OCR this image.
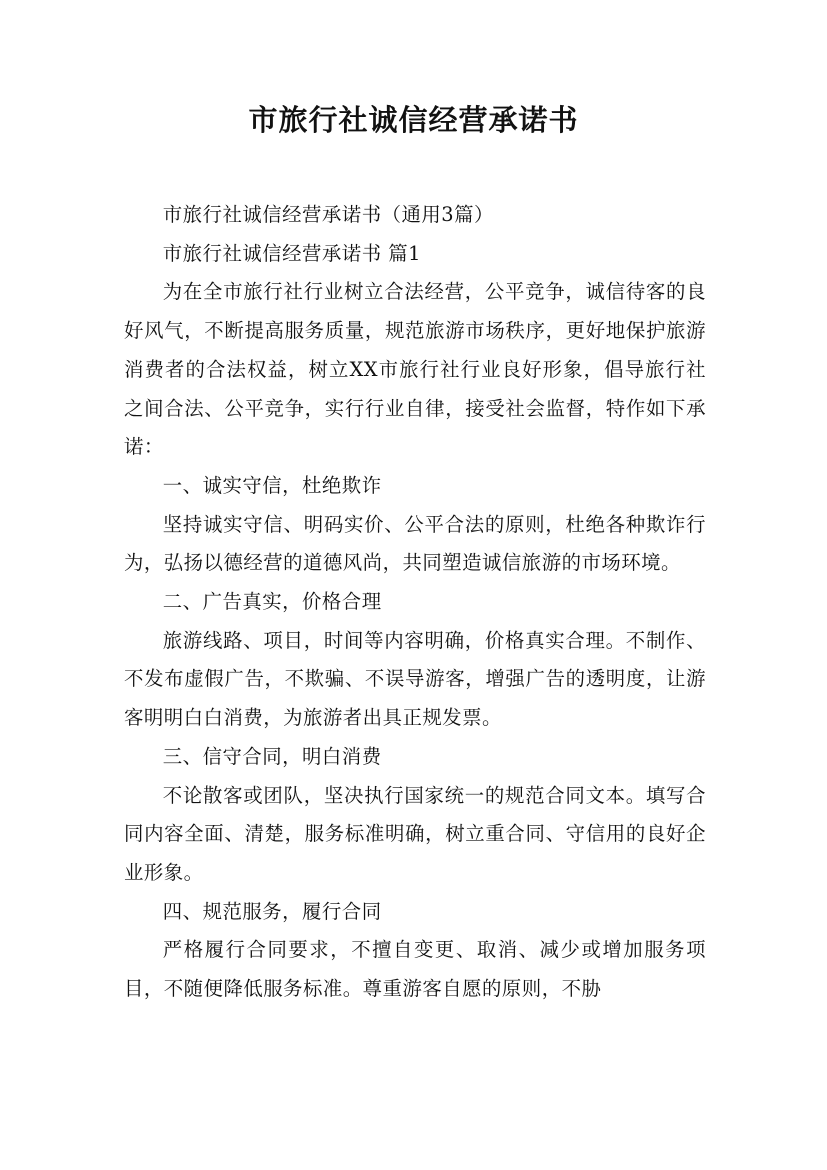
市旅行社诚信经营承诺书

市旅行社诚信经营承诺书（通用3篇）

市旅行社诚信经营承诺书 篇1

为在全市旅行社行业树立合法经营，公平竞争，诚信待客的良好风气，不断提高服务质量，规范旅游市场秩序，更好地保护旅游消费者的合法权益，树立XX市旅行社行业良好形象，倡导旅行社之间合法、公平竞争，实行行业自律，接受社会监督，特作如下承诺：

一、诚实守信，杜绝欺诈

坚持诚实守信、明码实价、公平合法的原则，杜绝各种欺诈行为，弘扬以德经营的道德风尚，共同塑造诚信旅游的市场环境。

二、广告真实，价格合理

旅游线路、项目，时间等内容明确，价格真实合理。不制作、不发布虚假广告，不欺骗、不误导游客，增强广告的透明度，让游客明明白白消费，为旅游者出具正规发票。

三、信守合同，明白消费

不论散客或团队，坚决执行国家统一的规范合同文本。填写合同内容全面、清楚，服务标准明确，树立重合同、守信用的良好企业形象。

四、规范服务，履行合同

严格履行合同要求，不擅自变更、取消、减少或增加服务项目，不随便降低服务标准。尊重游客自愿的原则，不胁
